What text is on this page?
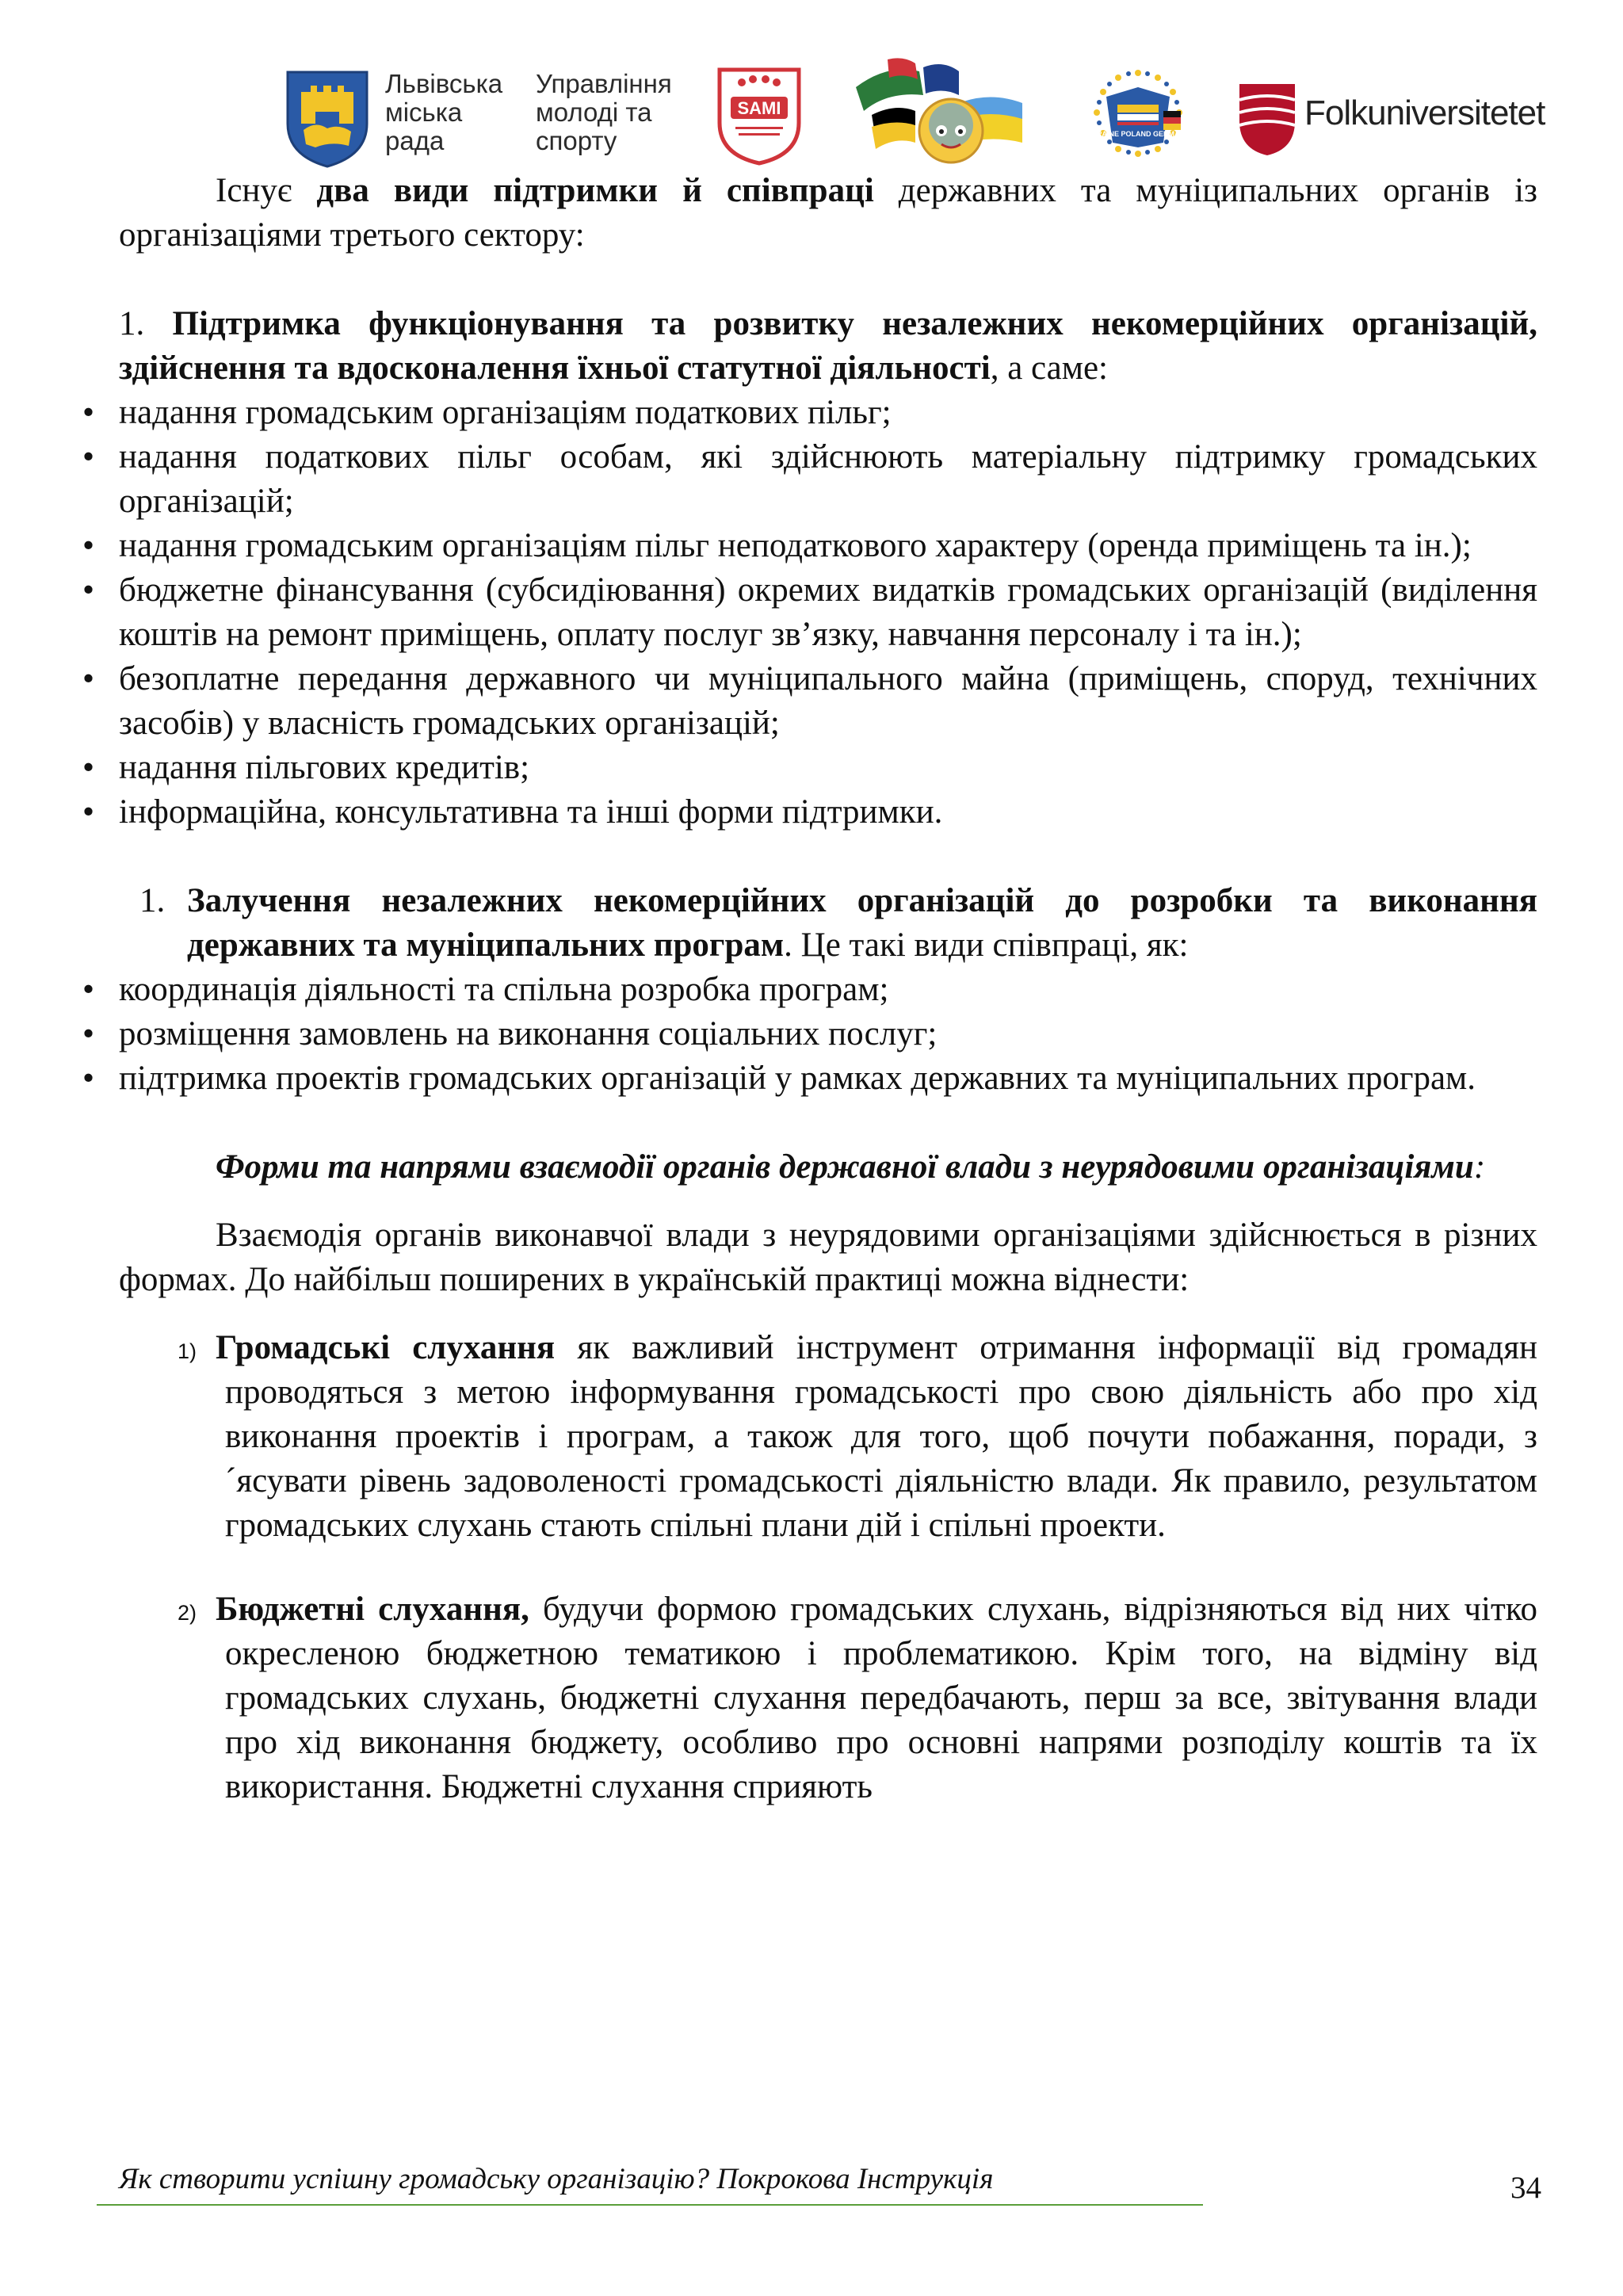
Львівська
міська
рада
Управління
молоді та
спорту
SAMI
UKRAINE POLAND GERMANY
Folkuniversitetet

Існує два види підтримки й співпраці державних та муніципальних органів із організаціями третього сектору:

1. Підтримка функціонування та розвитку незалежних некомерційних організацій, здійснення та вдосконалення їхньої статутної діяльності, а саме:

• надання громадським організаціям податкових пільг;
• надання податкових пільг особам, які здійснюють матеріальну підтримку громадських організацій;
• надання громадським організаціям пільг неподаткового характеру (оренда приміщень та ін.);
• бюджетне фінансування (субсидіювання) окремих видатків громадських організацій (виділення коштів на ремонт приміщень, оплату послуг зв’язку, навчання персоналу і та ін.);
• безоплатне передання державного чи муніципального майна (приміщень, споруд, технічних засобів) у власність громадських організацій;
• надання пільгових кредитів;
• інформаційна, консультативна та інші форми підтримки.

1. Залучення незалежних некомерційних організацій до розробки та виконання державних та муніципальних програм. Це такі види співпраці, як:

• координація діяльності та спільна розробка програм;
• розміщення замовлень на виконання соціальних послуг;
• підтримка проектів громадських організацій у рамках державних та муніципальних програм.

Форми та напрями взаємодії органів державної влади з неурядовими організаціями:

Взаємодія органів виконавчої влади з неурядовими організаціями здійснюється в різних формах. До найбільш поширених в українській практиці можна віднести:

1) Громадські слухання як важливий інструмент отримання інформації від громадян проводяться з метою інформування громадськості про свою діяльність або про хід виконання проектів і програм, а також для того, щоб почути побажання, поради, з´ясувати рівень задоволеності громадськості діяльністю влади. Як правило, результатом громадських слухань стають спільні плани дій і спільні проекти.

2) Бюджетні слухання, будучи формою громадських слухань, відрізняються від них чітко окресленою бюджетною тематикою і проблематикою. Крім того, на відміну від громадських слухань, бюджетні слухання передбачають, перш за все, звітування влади про хід виконання бюджету, особливо про основні напрями розподілу коштів та їх використання. Бюджетні слухання сприяють

Як створити успішну громадську організацію? Покрокова Інструкція	34
